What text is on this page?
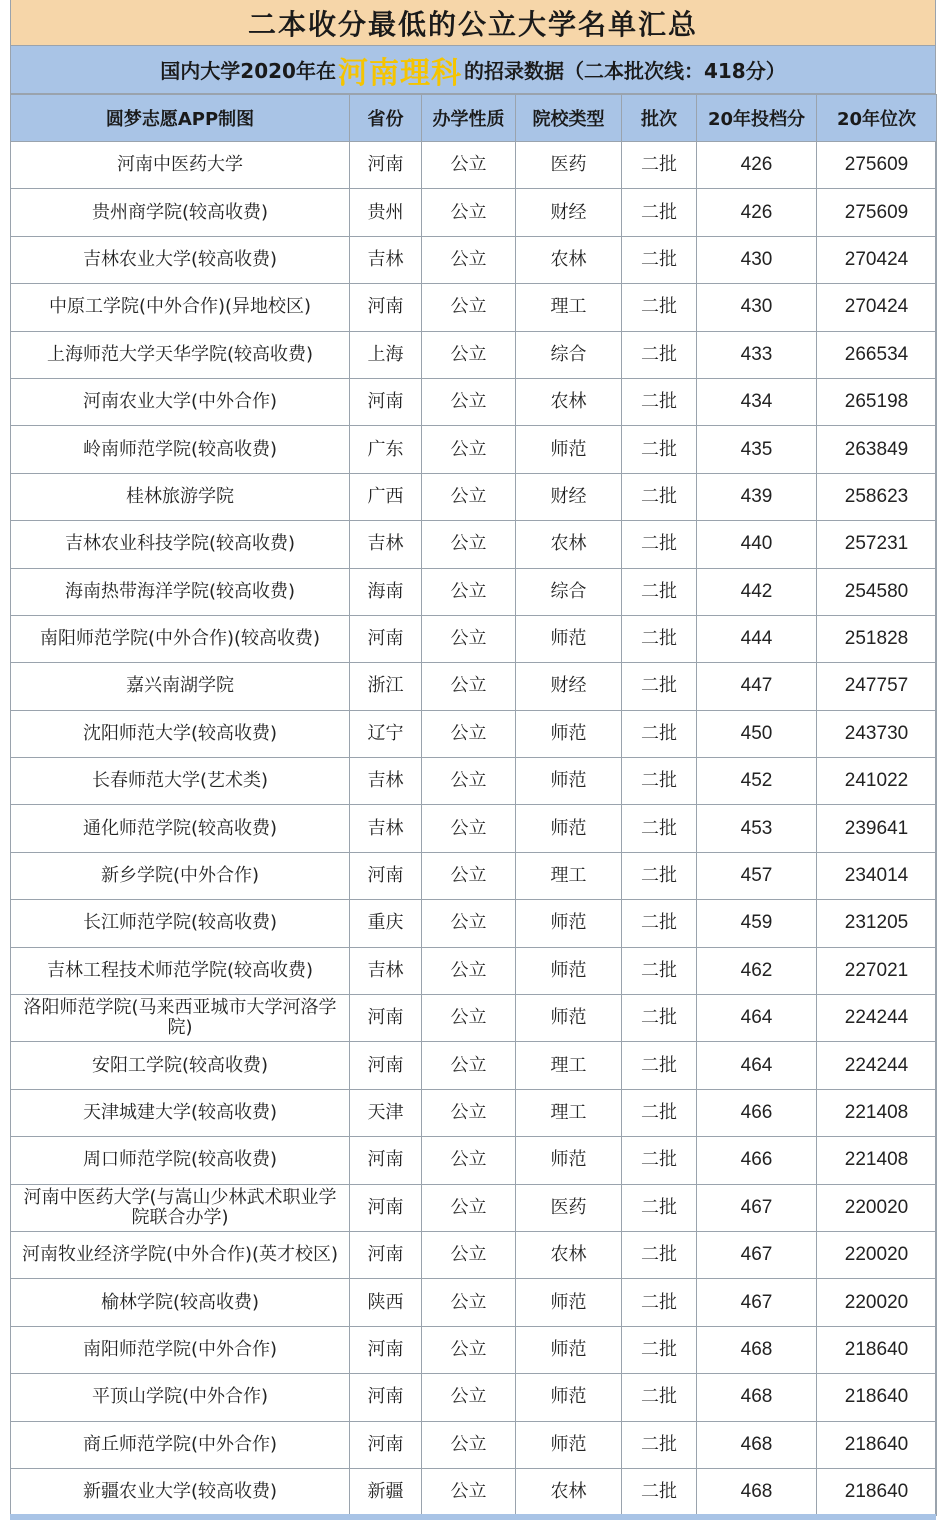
二本收分最低的公立大学名单汇总
国内大学2020年在 河南理科 的招录数据（二本批次线：418分）
圆梦志愿APP制图	省份	办学性质	院校类型	批次	20年投档分	20年位次
河南中医药大学	河南	公立	医药	二批	426	275609
贵州商学院(较高收费)	贵州	公立	财经	二批	426	275609
吉林农业大学(较高收费)	吉林	公立	农林	二批	430	270424
中原工学院(中外合作)(异地校区)	河南	公立	理工	二批	430	270424
上海师范大学天华学院(较高收费)	上海	公立	综合	二批	433	266534
河南农业大学(中外合作)	河南	公立	农林	二批	434	265198
岭南师范学院(较高收费)	广东	公立	师范	二批	435	263849
桂林旅游学院	广西	公立	财经	二批	439	258623
吉林农业科技学院(较高收费)	吉林	公立	农林	二批	440	257231
海南热带海洋学院(较高收费)	海南	公立	综合	二批	442	254580
南阳师范学院(中外合作)(较高收费)	河南	公立	师范	二批	444	251828
嘉兴南湖学院	浙江	公立	财经	二批	447	247757
沈阳师范大学(较高收费)	辽宁	公立	师范	二批	450	243730
长春师范大学(艺术类)	吉林	公立	师范	二批	452	241022
通化师范学院(较高收费)	吉林	公立	师范	二批	453	239641
新乡学院(中外合作)	河南	公立	理工	二批	457	234014
长江师范学院(较高收费)	重庆	公立	师范	二批	459	231205
吉林工程技术师范学院(较高收费)	吉林	公立	师范	二批	462	227021
洛阳师范学院(马来西亚城市大学河洛学院)	河南	公立	师范	二批	464	224244
安阳工学院(较高收费)	河南	公立	理工	二批	464	224244
天津城建大学(较高收费)	天津	公立	理工	二批	466	221408
周口师范学院(较高收费)	河南	公立	师范	二批	466	221408
河南中医药大学(与嵩山少林武术职业学院联合办学)	河南	公立	医药	二批	467	220020
河南牧业经济学院(中外合作)(英才校区)	河南	公立	农林	二批	467	220020
榆林学院(较高收费)	陕西	公立	师范	二批	467	220020
南阳师范学院(中外合作)	河南	公立	师范	二批	468	218640
平顶山学院(中外合作)	河南	公立	师范	二批	468	218640
商丘师范学院(中外合作)	河南	公立	师范	二批	468	218640
新疆农业大学(较高收费)	新疆	公立	农林	二批	468	218640
